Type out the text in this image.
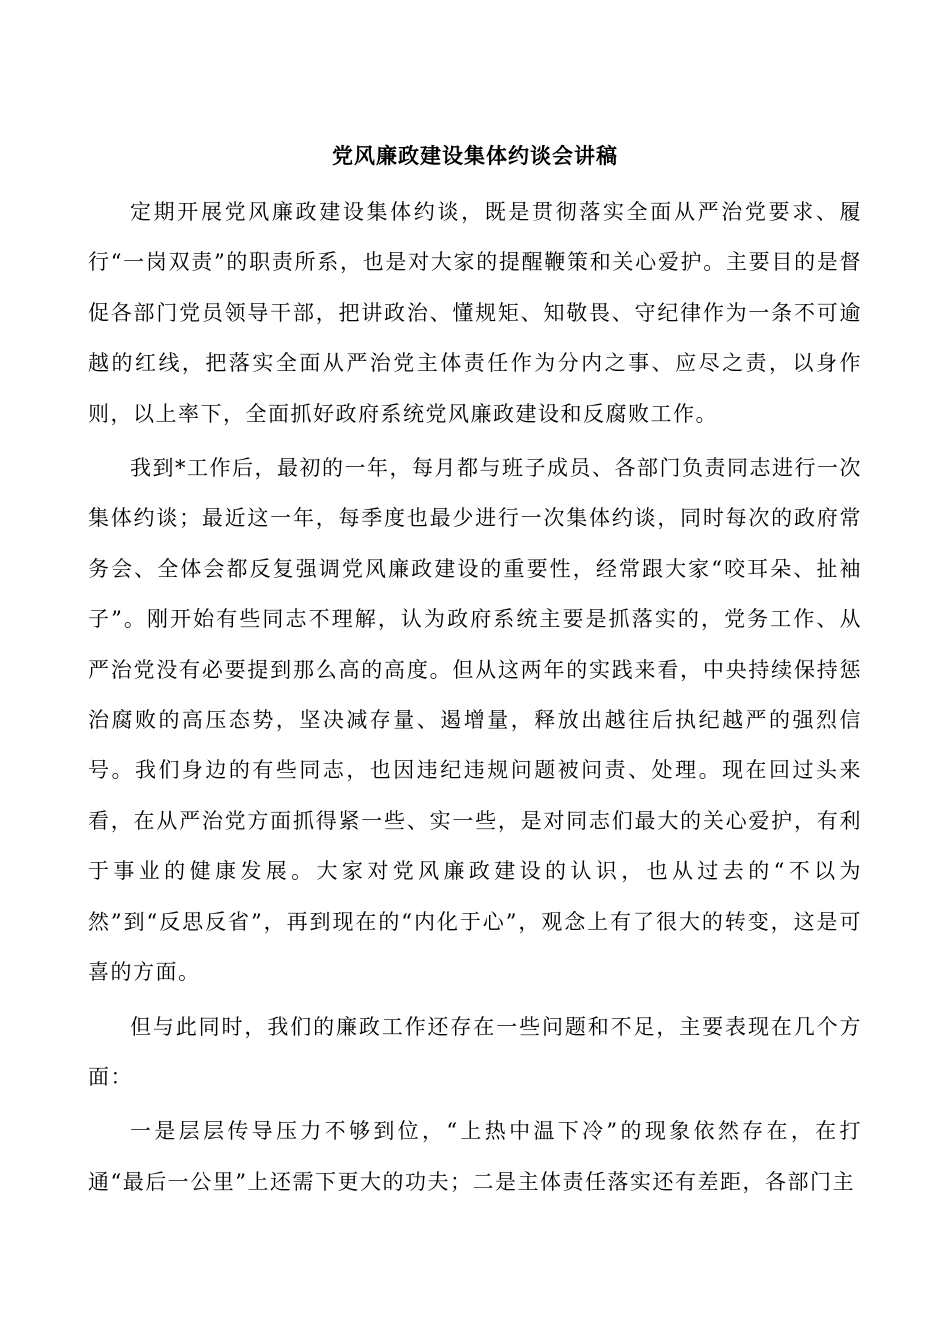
党风廉政建设集体约谈会讲稿

定期开展党风廉政建设集体约谈，既是贯彻落实全面从严治党要求、履行“一岗双责”的职责所系，也是对大家的提醒鞭策和关心爱护。主要目的是督促各部门党员领导干部，把讲政治、懂规矩、知敬畏、守纪律作为一条不可逾越的红线，把落实全面从严治党主体责任作为分内之事、应尽之责，以身作则，以上率下，全面抓好政府系统党风廉政建设和反腐败工作。

我到*工作后，最初的一年，每月都与班子成员、各部门负责同志进行一次集体约谈；最近这一年，每季度也最少进行一次集体约谈，同时每次的政府常务会、全体会都反复强调党风廉政建设的重要性，经常跟大家“咬耳朵、扯袖子”。刚开始有些同志不理解，认为政府系统主要是抓落实的，党务工作、从严治党没有必要提到那么高的高度。但从这两年的实践来看，中央持续保持惩治腐败的高压态势，坚决减存量、遏增量，释放出越往后执纪越严的强烈信号。我们身边的有些同志，也因违纪违规问题被问责、处理。现在回过头来看，在从严治党方面抓得紧一些、实一些，是对同志们最大的关心爱护，有利于事业的健康发展。大家对党风廉政建设的认识，也从过去的“不以为然”到“反思反省”，再到现在的“内化于心”，观念上有了很大的转变，这是可喜的方面。

但与此同时，我们的廉政工作还存在一些问题和不足，主要表现在几个方面：

一是层层传导压力不够到位，“上热中温下冷”的现象依然存在，在打通“最后一公里”上还需下更大的功夫；二是主体责任落实还有差距，各部门主
